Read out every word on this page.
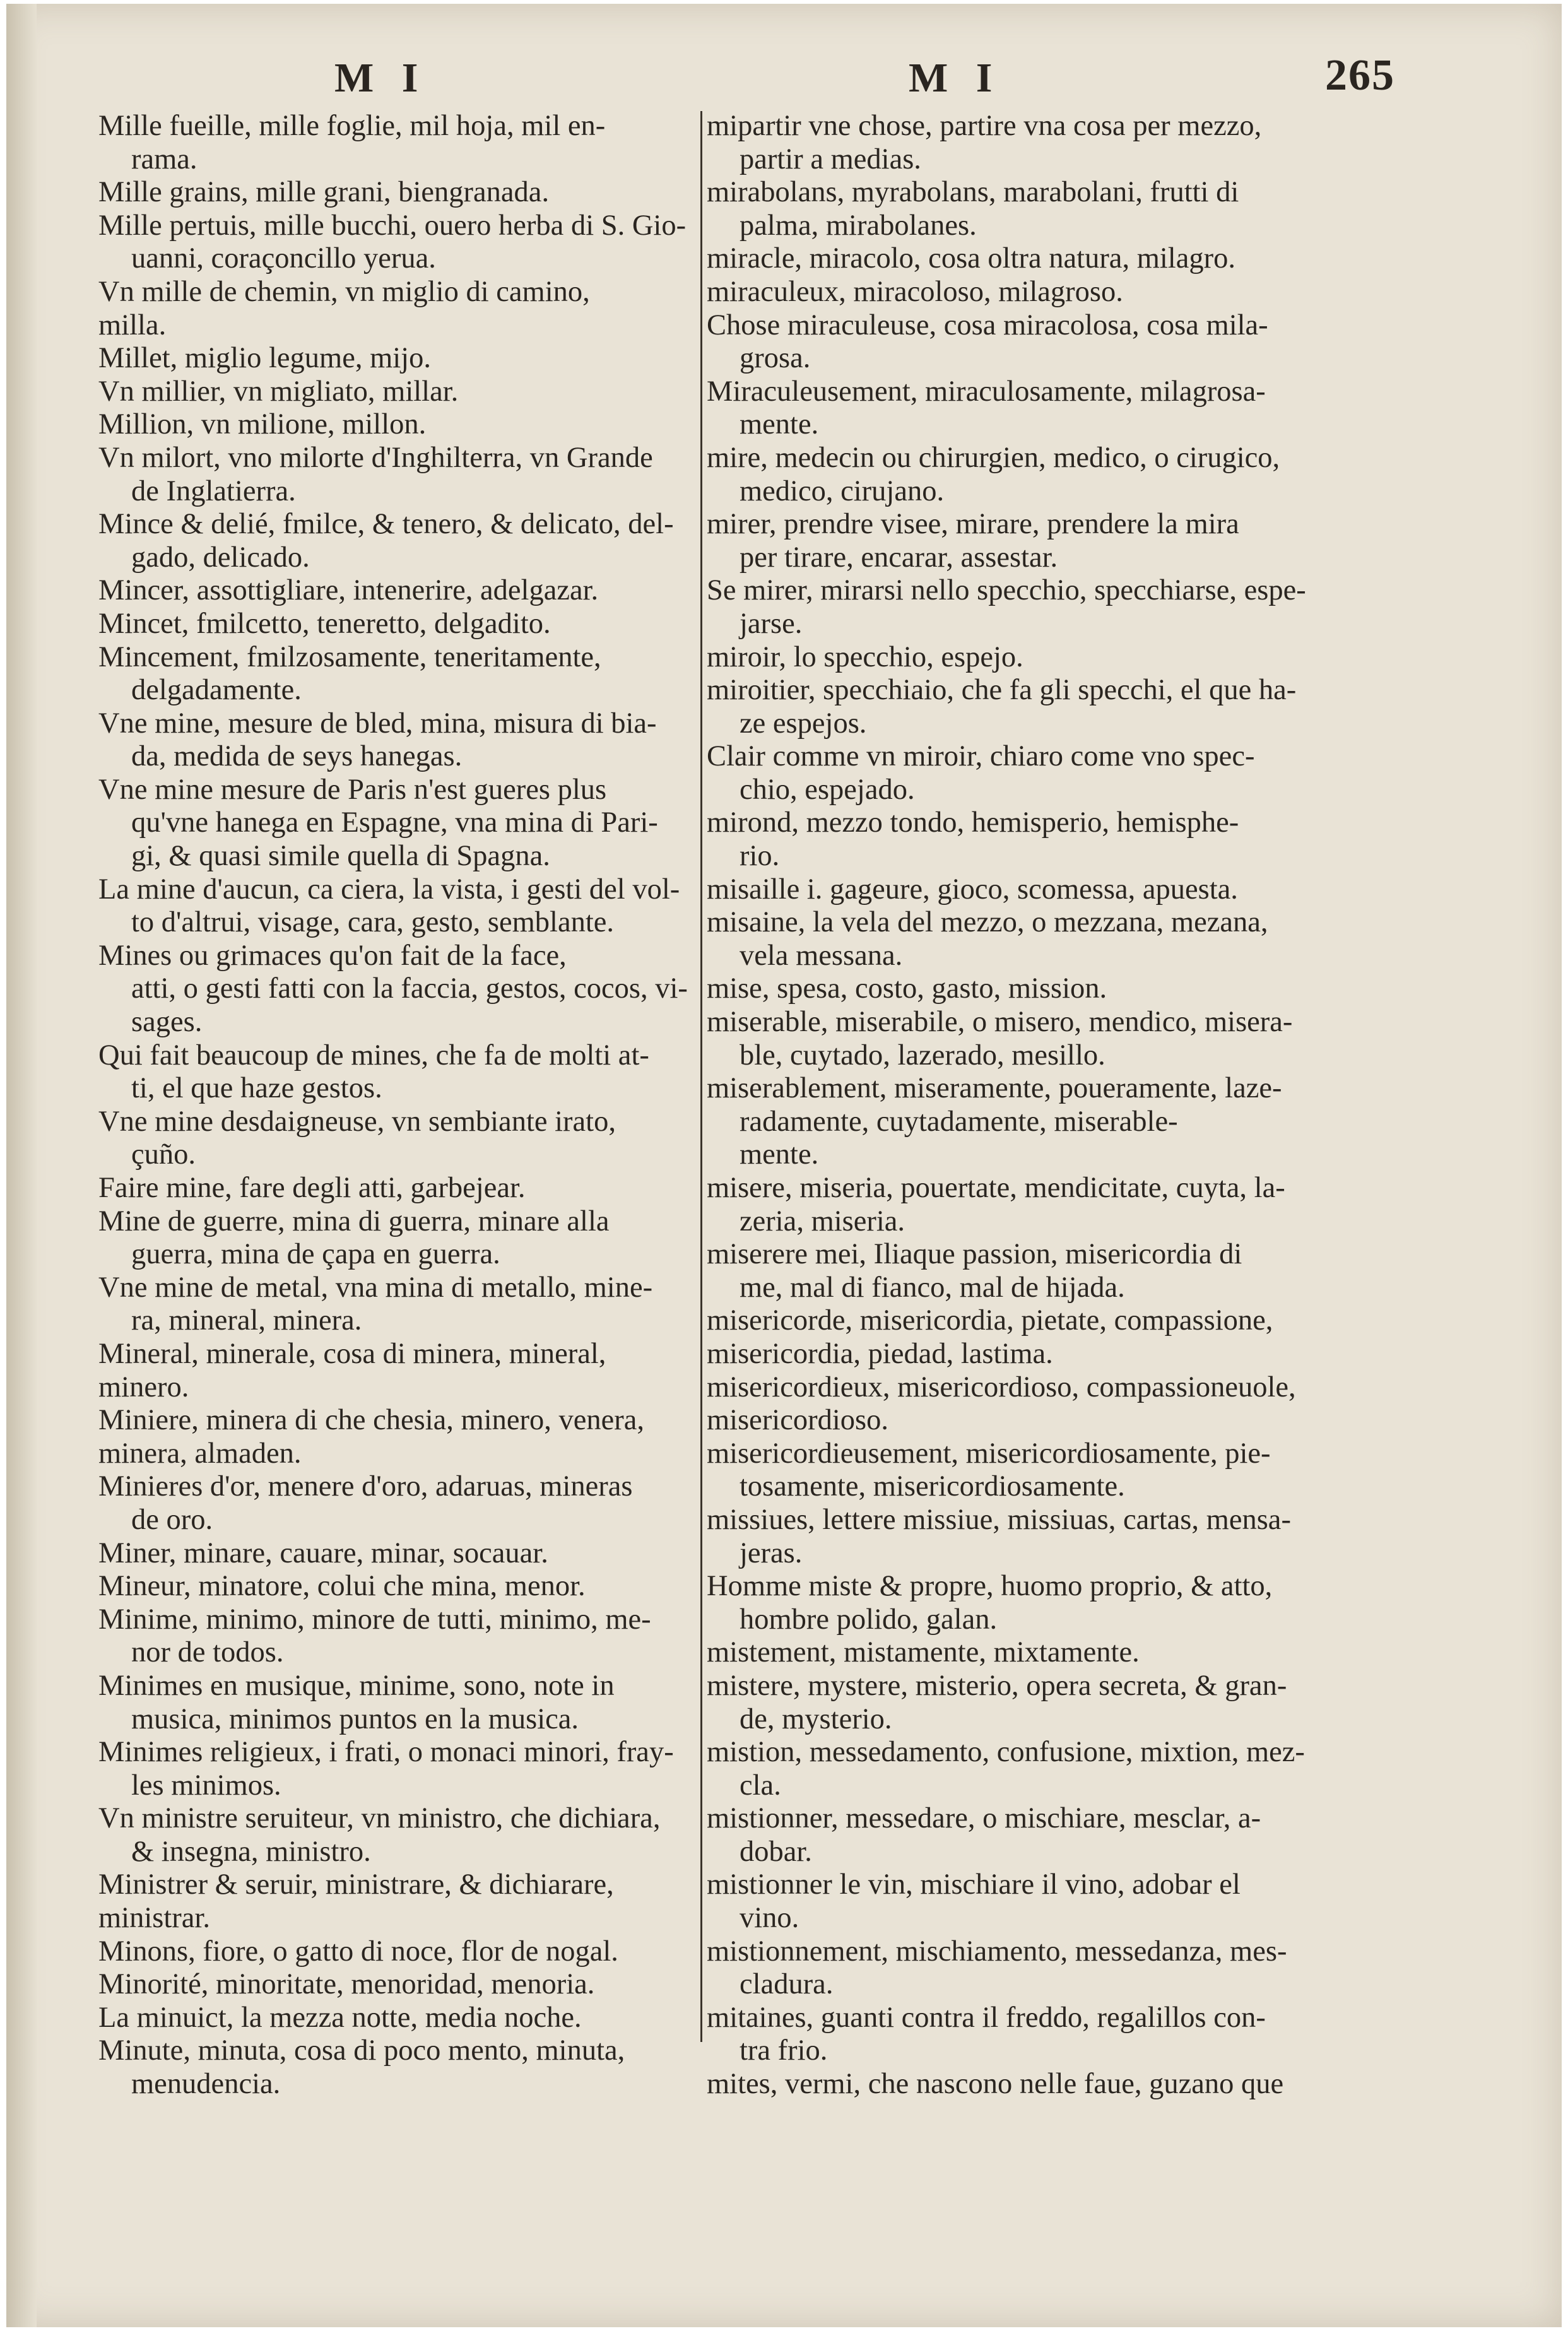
M I	M I	265
Mille fueille, mille foglie, mil hoja, mil en-
rama.
Mille grains, mille grani, biengranada.
Mille pertuis, mille bucchi, ouero herba di S. Gio-
uanni, coraçoncillo yerua.
Vn mille de chemin, vn miglio di camino,
milla.
Millet, miglio legume, mijo.
Vn millier, vn migliato, millar.
Million, vn milione, millon.
Vn milort, vno milorte d'Inghilterra, vn Grande
de Inglatierra.
Mince & delié, fmilce, & tenero, & delicato, del-
gado, delicado.
Mincer, assottigliare, intenerire, adelgazar.
Mincet, fmilcetto, teneretto, delgadito.
Mincement, fmilzosamente, teneritamente,
delgadamente.
Vne mine, mesure de bled, mina, misura di bia-
da, medida de seys hanegas.
Vne mine mesure de Paris n'est gueres plus
qu'vne hanega en Espagne, vna mina di Pari-
gi, & quasi simile quella di Spagna.
La mine d'aucun, ca ciera, la vista, i gesti del vol-
to d'altrui, visage, cara, gesto, semblante.
Mines ou grimaces qu'on fait de la face,
atti, o gesti fatti con la faccia, gestos, cocos, vi-
sages.
Qui fait beaucoup de mines, che fa de molti at-
ti, el que haze gestos.
Vne mine desdaigneuse, vn sembiante irato,
çuño.
Faire mine, fare degli atti, garbejear.
Mine de guerre, mina di guerra, minare alla
guerra, mina de çapa en guerra.
Vne mine de metal, vna mina di metallo, mine-
ra, mineral, minera.
Mineral, minerale, cosa di minera, mineral,
minero.
Miniere, minera di che chesia, minero, venera,
minera, almaden.
Minieres d'or, menere d'oro, adaruas, mineras
de oro.
Miner, minare, cauare, minar, socauar.
Mineur, minatore, colui che mina, menor.
Minime, minimo, minore de tutti, minimo, me-
nor de todos.
Minimes en musique, minime, sono, note in
musica, minimos puntos en la musica.
Minimes religieux, i frati, o monaci minori, fray-
les minimos.
Vn ministre seruiteur, vn ministro, che dichiara,
& insegna, ministro.
Ministrer & seruir, ministrare, & dichiarare,
ministrar.
Minons, fiore, o gatto di noce, flor de nogal.
Minorité, minoritate, menoridad, menoria.
La minuict, la mezza notte, media noche.
Minute, minuta, cosa di poco mento, minuta,
menudencia.
mipartir vne chose, partire vna cosa per mezzo,
partir a medias.
mirabolans, myrabolans, marabolani, frutti di
palma, mirabolanes.
miracle, miracolo, cosa oltra natura, milagro.
miraculeux, miracoloso, milagroso.
Chose miraculeuse, cosa miracolosa, cosa mila-
grosa.
Miraculeusement, miraculosamente, milagrosa-
mente.
mire, medecin ou chirurgien, medico, o cirugico,
medico, cirujano.
mirer, prendre visee, mirare, prendere la mira
per tirare, encarar, assestar.
Se mirer, mirarsi nello specchio, specchiarse, espe-
jarse.
miroir, lo specchio, espejo.
miroitier, specchiaio, che fa gli specchi, el que ha-
ze espejos.
Clair comme vn miroir, chiaro come vno spec-
chio, espejado.
mirond, mezzo tondo, hemisperio, hemisphe-
rio.
misaille i. gageure, gioco, scomessa, apuesta.
misaine, la vela del mezzo, o mezzana, mezana,
vela messana.
mise, spesa, costo, gasto, mission.
miserable, miserabile, o misero, mendico, misera-
ble, cuytado, lazerado, mesillo.
miserablement, miseramente, poueramente, laze-
radamente, cuytadamente, miserable-
mente.
misere, miseria, pouertate, mendicitate, cuyta, la-
zeria, miseria.
miserere mei, Iliaque passion, misericordia di
me, mal di fianco, mal de hijada.
misericorde, misericordia, pietate, compassione,
misericordia, piedad, lastima.
misericordieux, misericordioso, compassioneuole,
misericordioso.
misericordieusement, misericordiosamente, pie-
tosamente, misericordiosamente.
missiues, lettere missiue, missiuas, cartas, mensa-
jeras.
Homme miste & propre, huomo proprio, & atto,
hombre polido, galan.
mistement, mistamente, mixtamente.
mistere, mystere, misterio, opera secreta, & gran-
de, mysterio.
mistion, messedamento, confusione, mixtion, mez-
cla.
mistionner, messedare, o mischiare, mesclar, a-
dobar.
mistionner le vin, mischiare il vino, adobar el
vino.
mistionnement, mischiamento, messedanza, mes-
cladura.
mitaines, guanti contra il freddo, regalillos con-
tra frio.
mites, vermi, che nascono nelle faue, guzano que
